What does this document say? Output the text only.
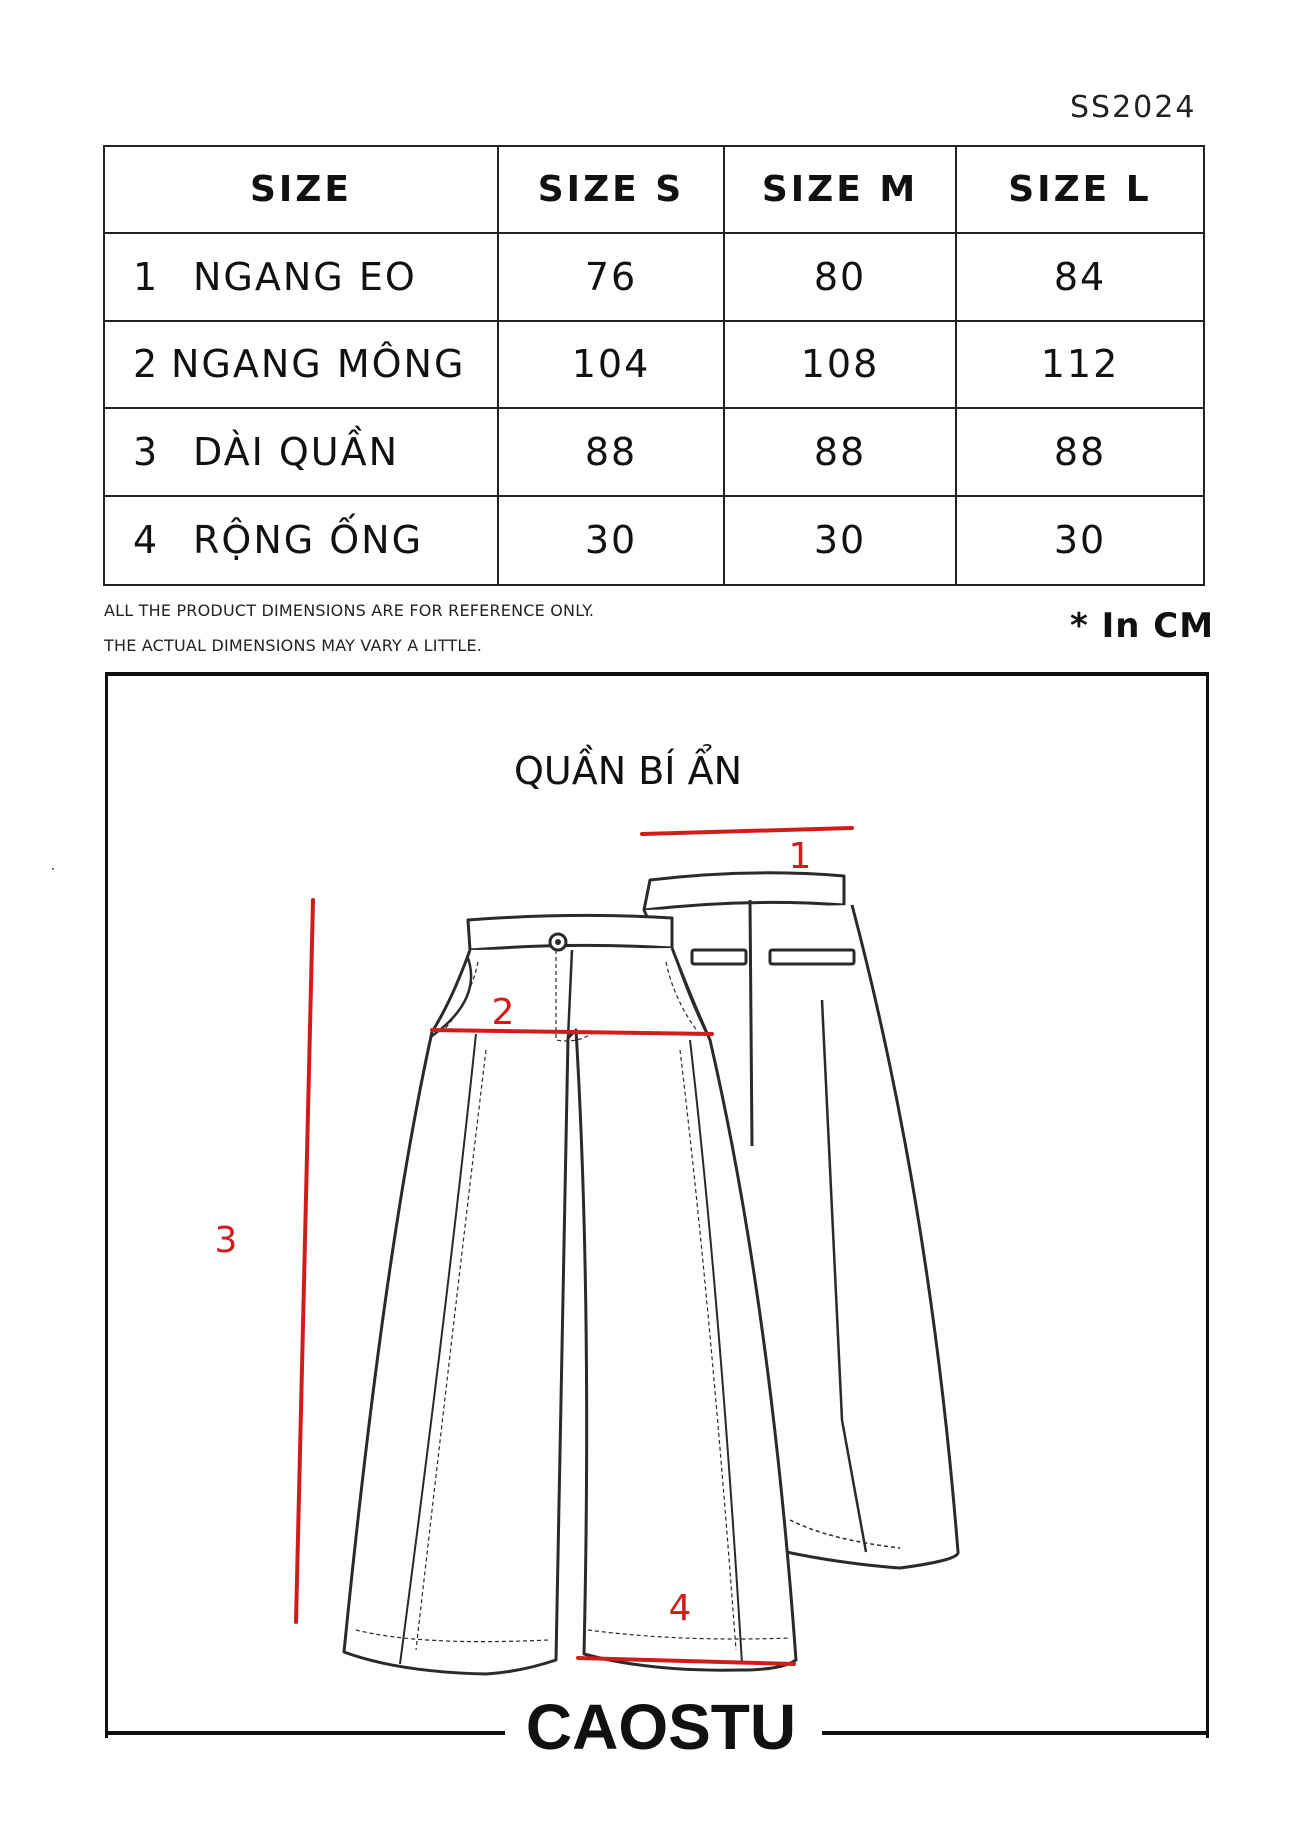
SS2024
SIZE	SIZE S	SIZE M	SIZE L
1 NGANG EO	76	80	84
2 NGANG MÔNG	104	108	112
3 DÀI QUẦN	88	88	88
4 RỘNG ỐNG	30	30	30
ALL THE PRODUCT DIMENSIONS ARE FOR REFERENCE ONLY.
THE ACTUAL DIMENSIONS MAY VARY A LITTLE.	* In CM
QUẦN BÍ ẨN
1
2
3
4
CAOSTU
